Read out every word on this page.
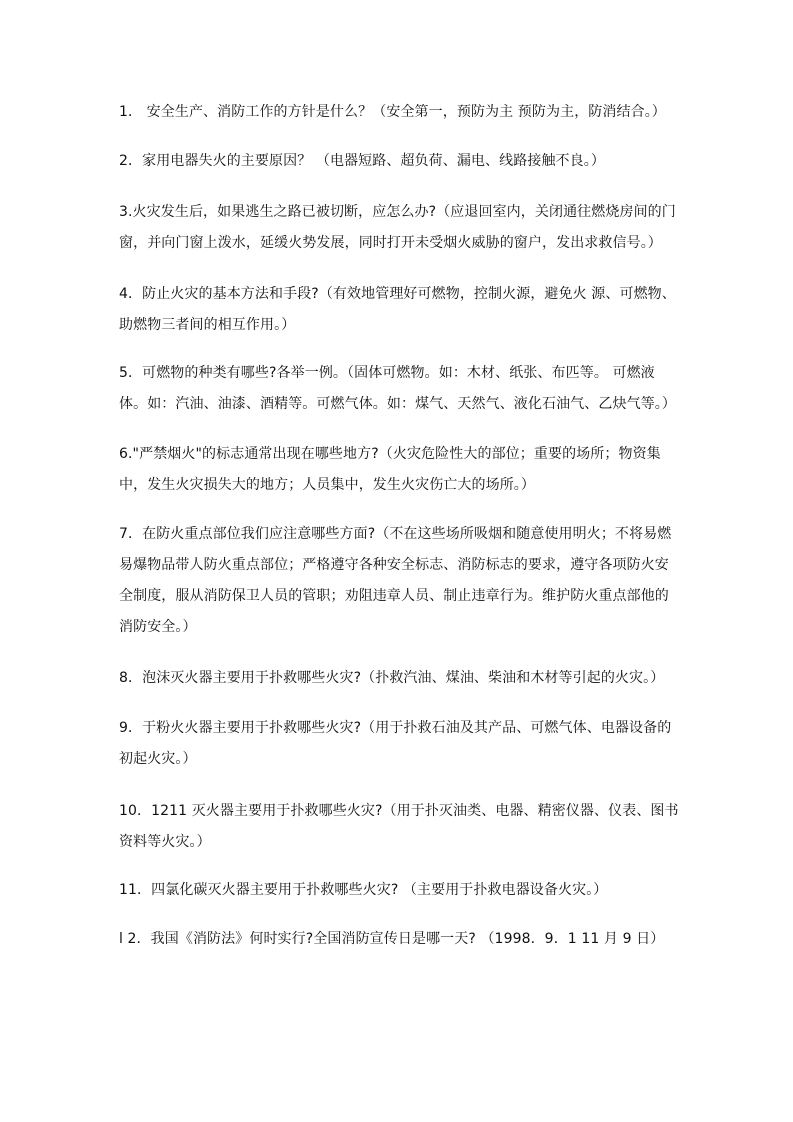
1． 安全生产、消防工作的方针是什么？（安全第一，预防为主 预防为主，防消结合。）

2．家用电器失火的主要原因？ （电器短路、超负荷、漏电、线路接触不良。）

3.火灾发生后，如果逃生之路已被切断，应怎么办?（应退回室内，关闭通往燃烧房间的门窗，并向门窗上泼水，延缓火势发展，同时打开未受烟火威胁的窗户，发出求救信号。）

4．防止火灾的基本方法和手段?（有效地管理好可燃物，控制火源，避免火 源、可燃物、助燃物三者间的相互作用。）

5．可燃物的种类有哪些?各举一例。（固体可燃物。如：木材、纸张、布匹等。 可燃液体。如：汽油、油漆、酒精等。可燃气体。如：煤气、天然气、液化石油气、乙炔气等。）

6."严禁烟火"的标志通常出现在哪些地方?（火灾危险性大的部位；重要的场所；物资集中，发生火灾损失大的地方；人员集中，发生火灾伤亡大的场所。）

7．在防火重点部位我们应注意哪些方面?（不在这些场所吸烟和随意使用明火；不将易燃易爆物品带人防火重点部位；严格遵守各种安全标志、消防标志的要求，遵守各项防火安全制度，服从消防保卫人员的管职；劝阻违章人员、制止违章行为。维护防火重点部他的消防安全。）

8．泡沫灭火器主要用于扑救哪些火灾?（扑救汽油、煤油、柴油和木材等引起的火灾。）

9．于粉火火器主要用于扑救哪些火灾?（用于扑救石油及其产品、可燃气体、电器设备的初起火灾。）

10．1211 灭火器主要用于扑救哪些火灾?（用于扑灭油类、电器、精密仪器、仪表、图书资料等火灾。）

11．四氯化碳灭火器主要用于扑救哪些火灾? （主要用于扑救电器设备火灾。）

l 2．我国《消防法》何时实行?全国消防宣传日是哪一天? （1998．9．1 11 月 9 日）
